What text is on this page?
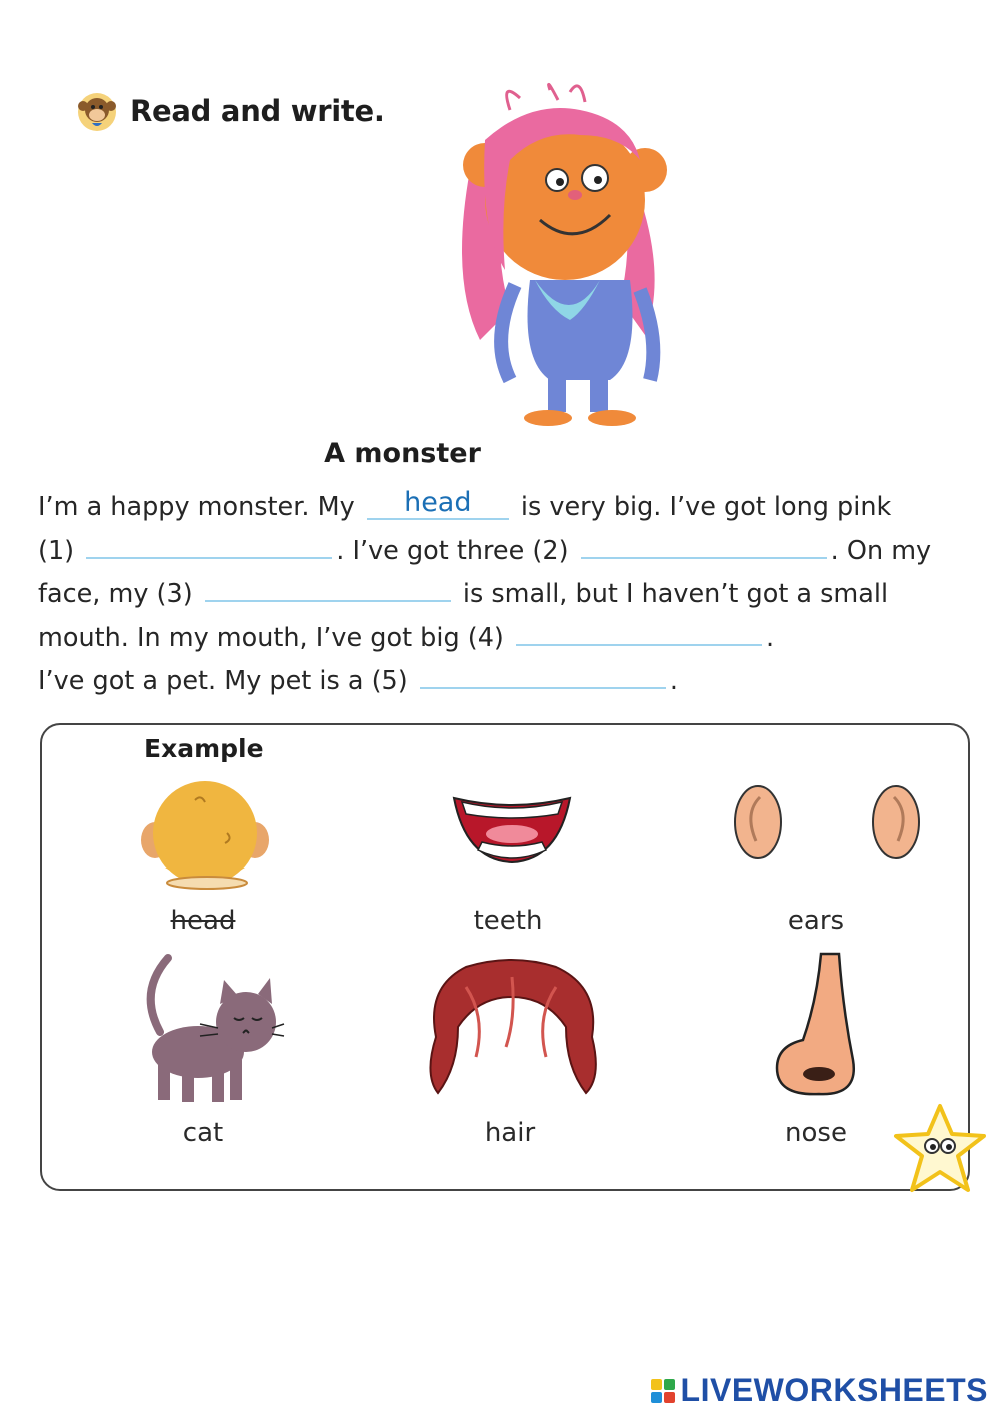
Read and write.
A monster

I’m a happy monster. My head is very big. I’ve got long pink

(1)	. I’ve got three (2)	. On my

face, my (3)	is small, but I haven’t got a small

mouth. In my mouth, I’ve got big (4)	.

I’ve got a pet. My pet is a (5)	.

Example
head	teeth	ears
cat	hair	nose
LIVEWORKSHEETS
